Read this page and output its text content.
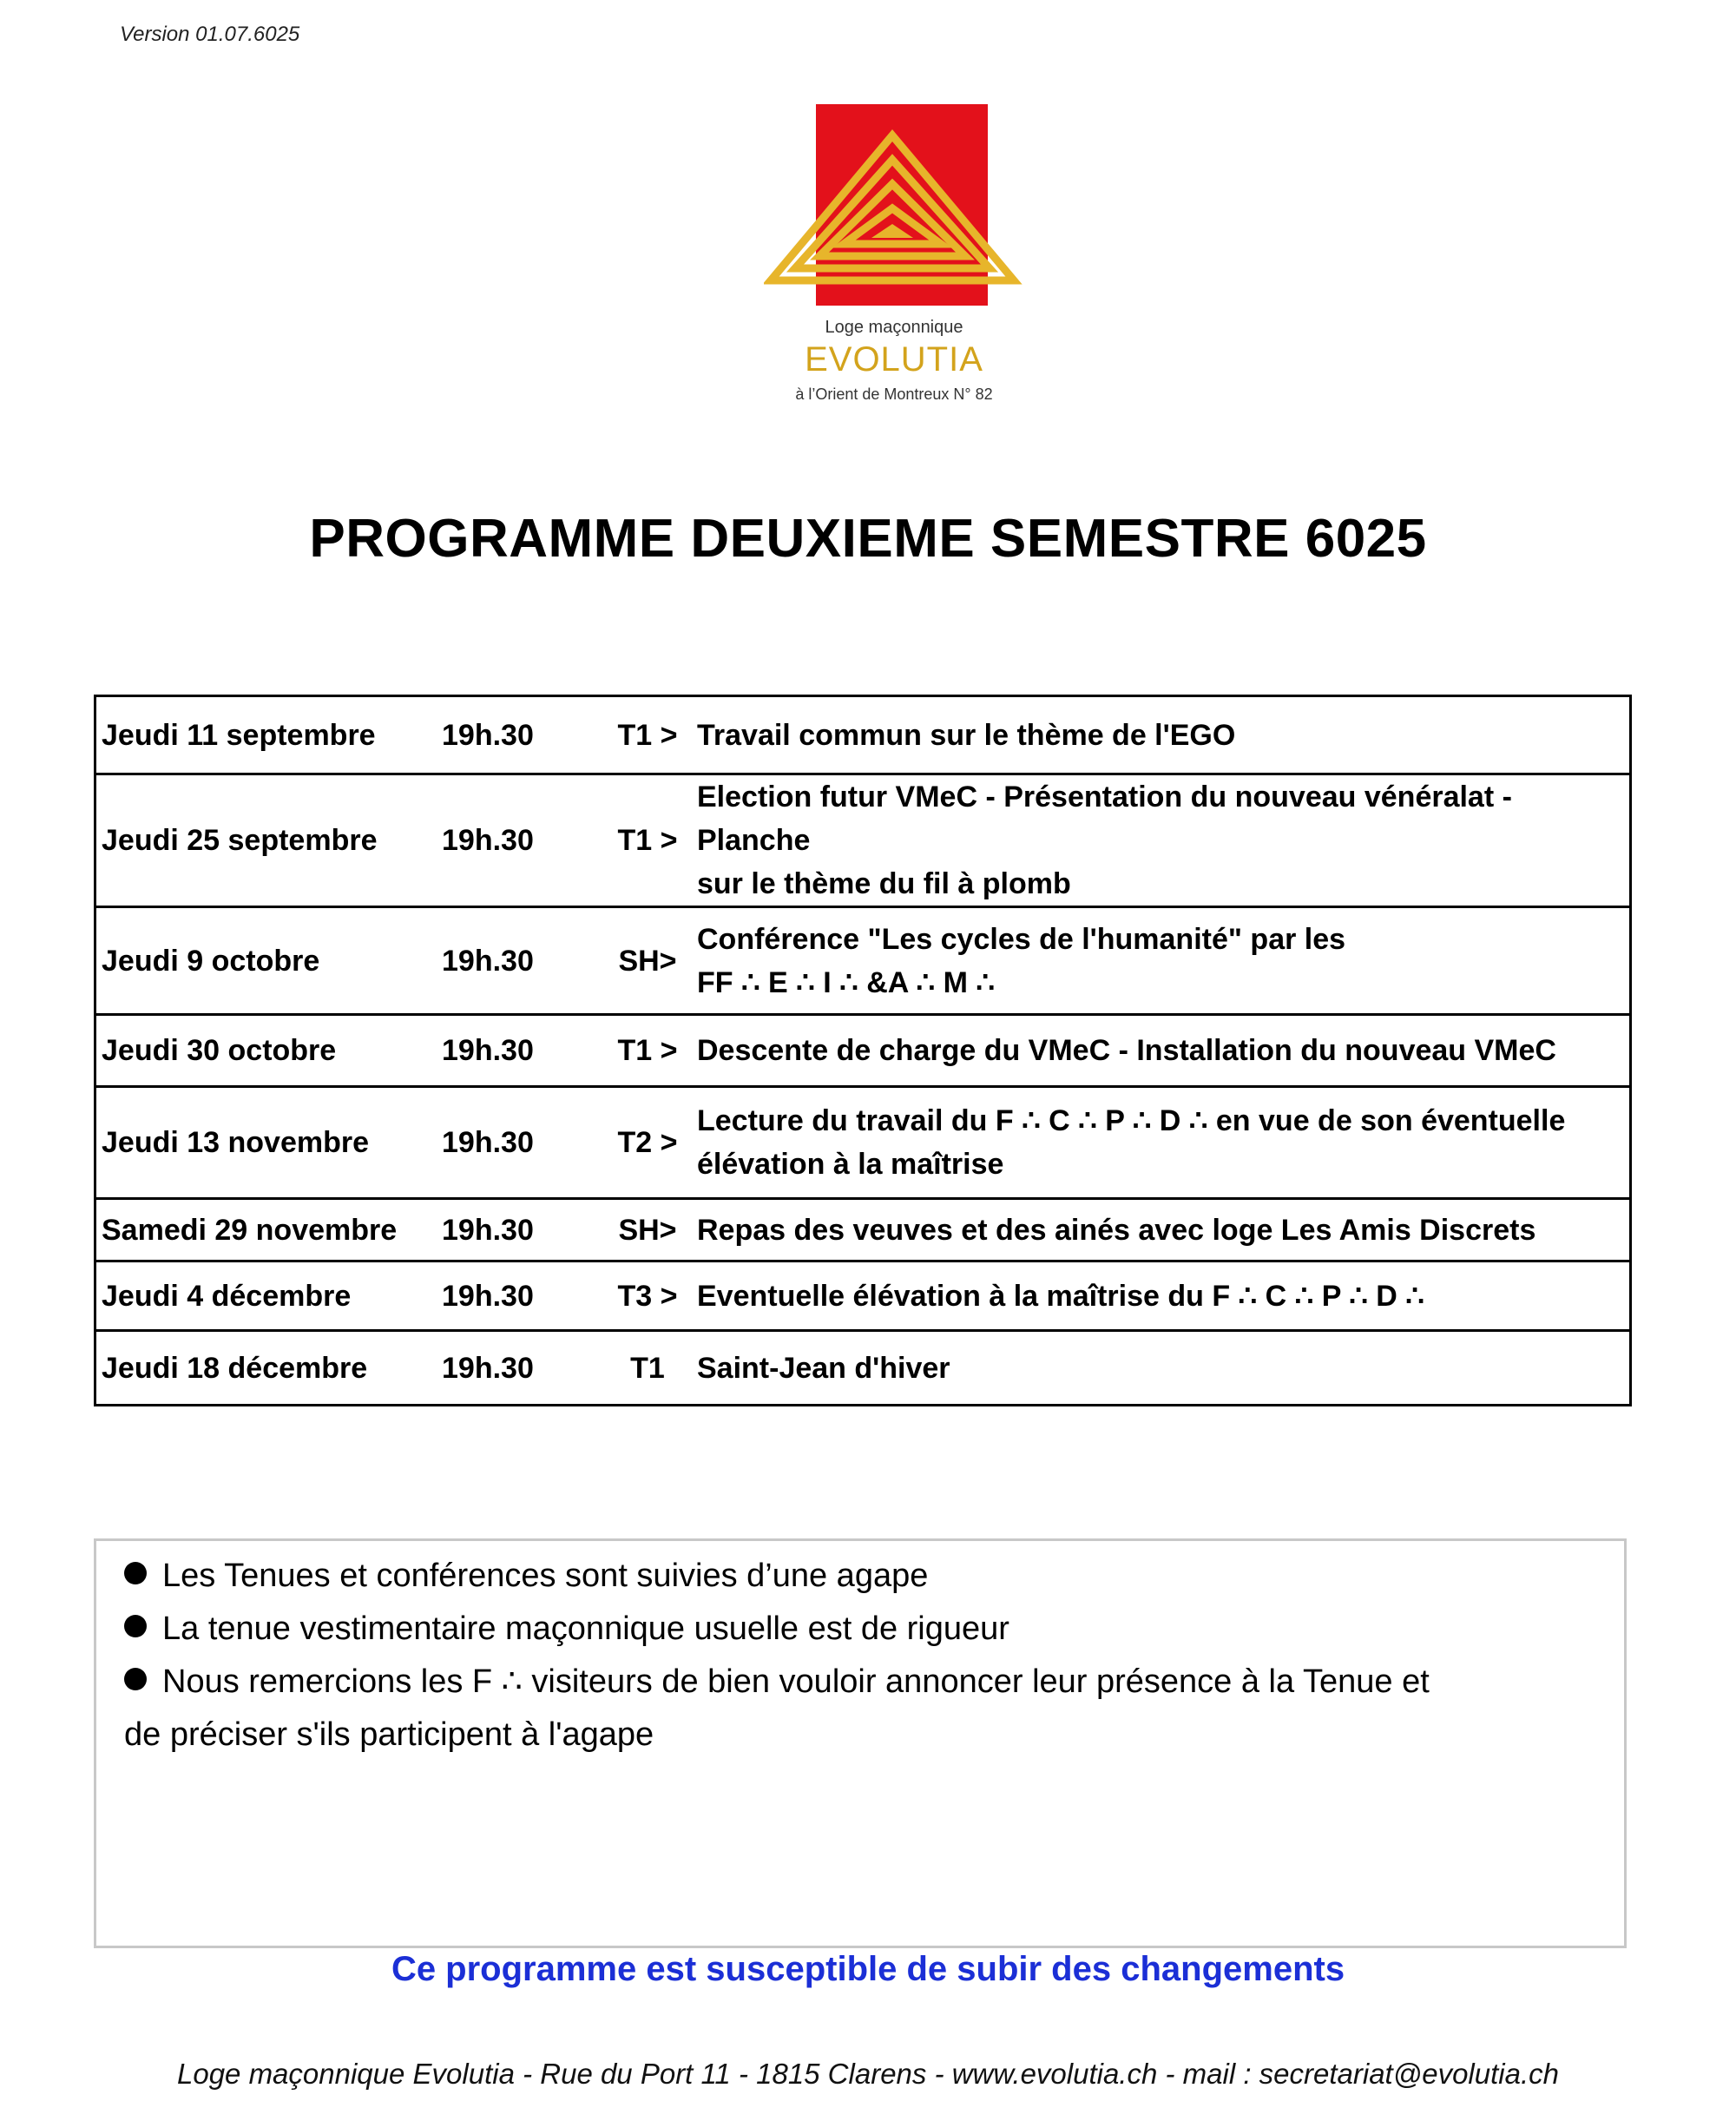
Version 01.07.6025
Loge maçonnique
EVOLUTIA
à l’Orient de Montreux N° 82
PROGRAMME DEUXIEME SEMESTRE 6025
Jeudi 11 septembre	19h.30	T1 >	Travail commun sur le thème de l'EGO

Jeudi 25 septembre	19h.30	T1 >	Election futur VMeC - Présentation du nouveau vénéralat - Planche
sur le thème du fil à plomb

Jeudi 9 octobre	19h.30	SH>	Conférence "Les cycles de l'humanité" par les
FF ∴ E ∴ I ∴ &A ∴ M ∴

Jeudi 30 octobre	19h.30	T1 >	Descente de charge du VMeC - Installation du nouveau VMeC

Jeudi 13 novembre	19h.30	T2 >	Lecture du travail du F ∴ C ∴ P ∴ D ∴ en vue de son éventuelle
élévation à la maîtrise

Samedi 29 novembre	19h.30	SH>	Repas des veuves et des ainés avec loge Les Amis Discrets

Jeudi 4 décembre	19h.30	T3 >	Eventuelle élévation à la maîtrise du F ∴ C ∴ P ∴ D ∴

Jeudi 18 décembre	19h.30	T1	Saint-Jean d'hiver

Les Tenues et conférences sont suivies d’une agape

La tenue vestimentaire maçonnique usuelle est de rigueur

Nous remercions les F ∴ visiteurs de bien vouloir annoncer leur présence à la Tenue et

de préciser s'ils participent à l'agape

Ce programme est susceptible de subir des changements
Loge maçonnique Evolutia - Rue du Port 11 - 1815 Clarens - www.evolutia.ch - mail : secretariat@evolutia.ch
